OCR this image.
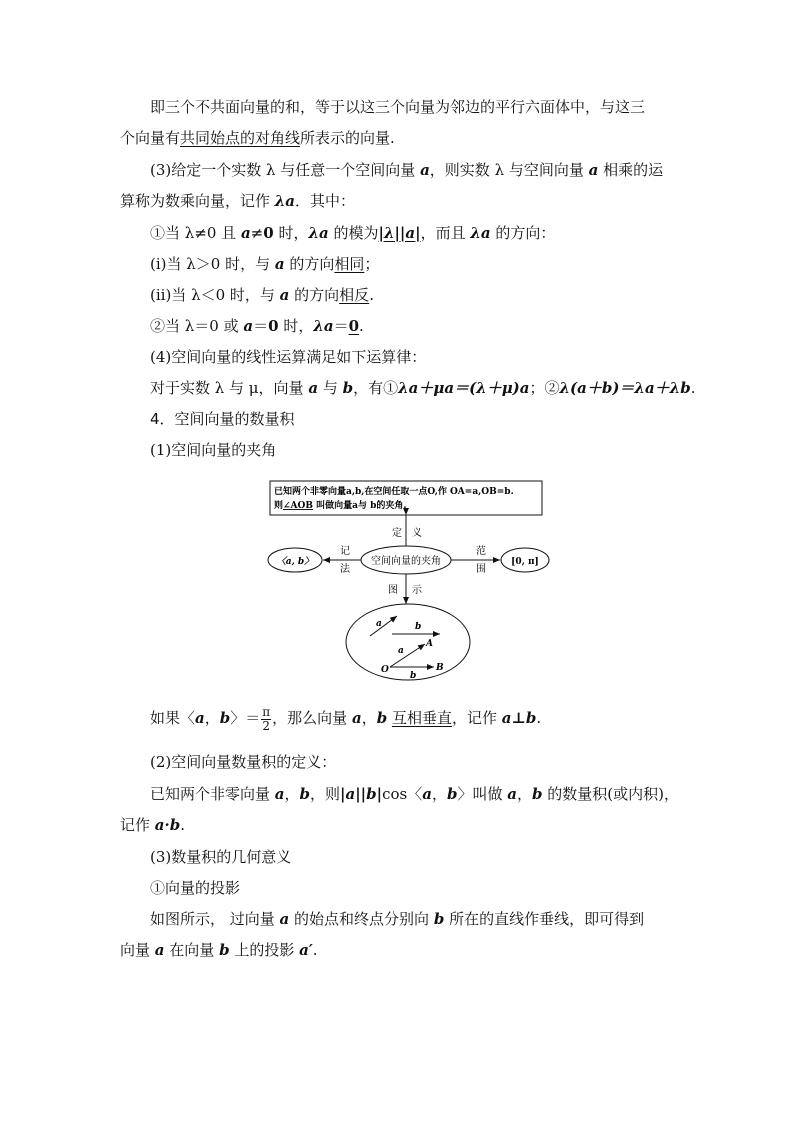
即三个不共面向量的和，等于以这三个向量为邻边的平行六面体中，与这三
个向量有共同始点的对角线所表示的向量.
(3)给定一个实数 λ 与任意一个空间向量 a，则实数 λ 与空间向量 a 相乘的运
算称为数乘向量，记作 λa．其中：
①当 λ≠0 且 a≠0 时，λa 的模为|λ||a|，而且 λa 的方向：
(ⅰ)当 λ＞0 时，与 a 的方向相同；
(ⅱ)当 λ＜0 时，与 a 的方向相反.
②当 λ＝0 或 a＝0 时，λa＝0.
(4)空间向量的线性运算满足如下运算律：
对于实数 λ 与 μ，向量 a 与 b，有①λa＋μa＝(λ＋μ)a；②λ(a＋b)＝λa＋λb.
4．空间向量的数量积
(1)空间向量的夹角
已知两个非零向量a,b,在空间任取一点O,作 OA=a,OB=b.
则∠AOB 叫做向量a与 b的夹角.
定 义
空间向量的夹角
〈a, b〉
记
法
[0, π]
范
围
图 示
a	b
a
A
O	B
b
如果〈a，b〉＝ $\frac{\pi}{2}$ ，那么向量 a，b 互相垂直，记作 a⊥b.
(2)空间向量数量积的定义：
已知两个非零向量 a，b，则|a||b|cos〈a，b〉叫做 a，b 的数量积(或内积)，
记作 a·b.
(3)数量积的几何意义
①向量的投影
如图所示， 过向量 a 的始点和终点分别向 b 所在的直线作垂线，即可得到
向量 a 在向量 b 上的投影 a′.
